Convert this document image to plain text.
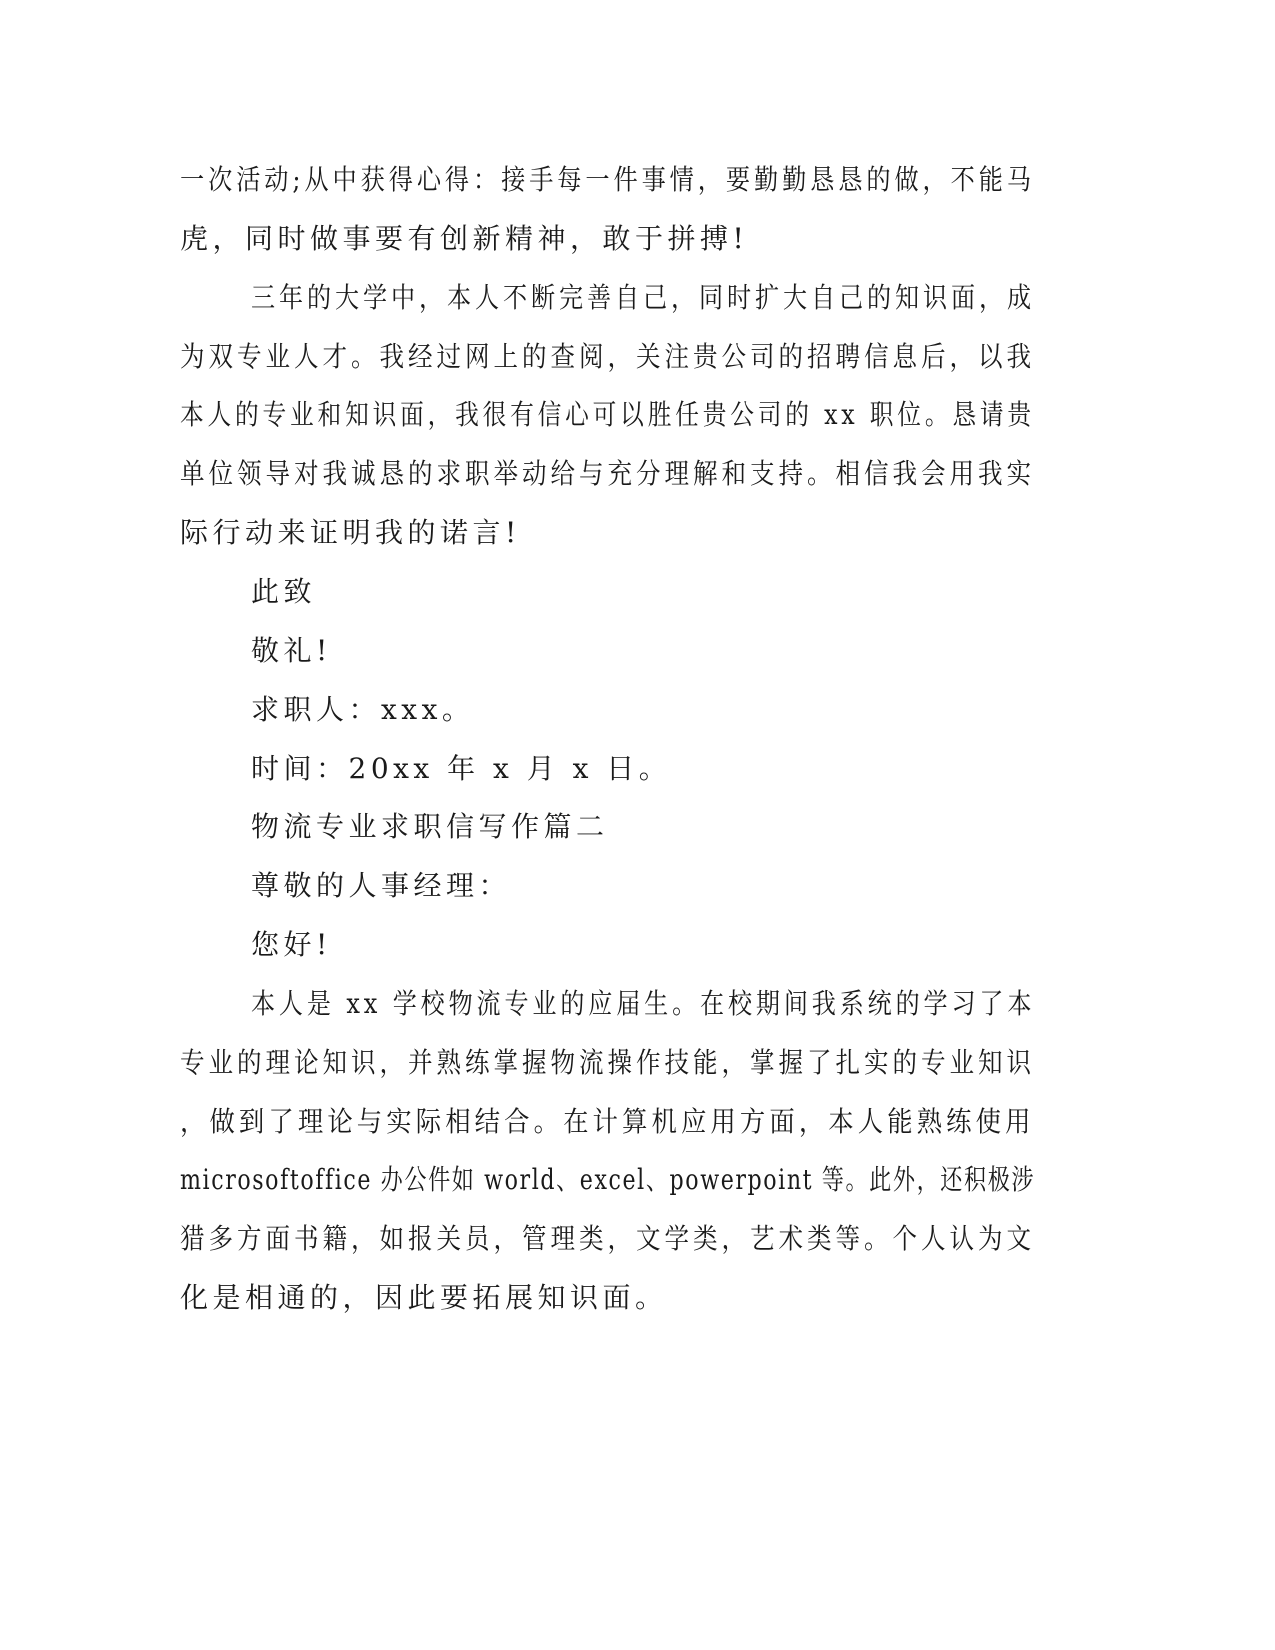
一次活动;从中获得心得：接手每一件事情，要勤勤恳恳的做，不能马
虎，同时做事要有创新精神，敢于拼搏!
三年的大学中，本人不断完善自己，同时扩大自己的知识面，成
为双专业人才。我经过网上的查阅，关注贵公司的招聘信息后，以我
本人的专业和知识面，我很有信心可以胜任贵公司的 xx 职位。恳请贵
单位领导对我诚恳的求职举动给与充分理解和支持。相信我会用我实
际行动来证明我的诺言!
此致
敬礼!
求职人：xxx。
时间：20xx 年 x 月 x 日。
物流专业求职信写作篇二
尊敬的人事经理：
您好!
本人是 xx 学校物流专业的应届生。在校期间我系统的学习了本
专业的理论知识，并熟练掌握物流操作技能，掌握了扎实的专业知识
，做到了理论与实际相结合。在计算机应用方面，本人能熟练使用
microsoftoffice 办公件如 world、excel、powerpoint 等。此外，还积极涉
猎多方面书籍，如报关员，管理类，文学类，艺术类等。个人认为文
化是相通的，因此要拓展知识面。
